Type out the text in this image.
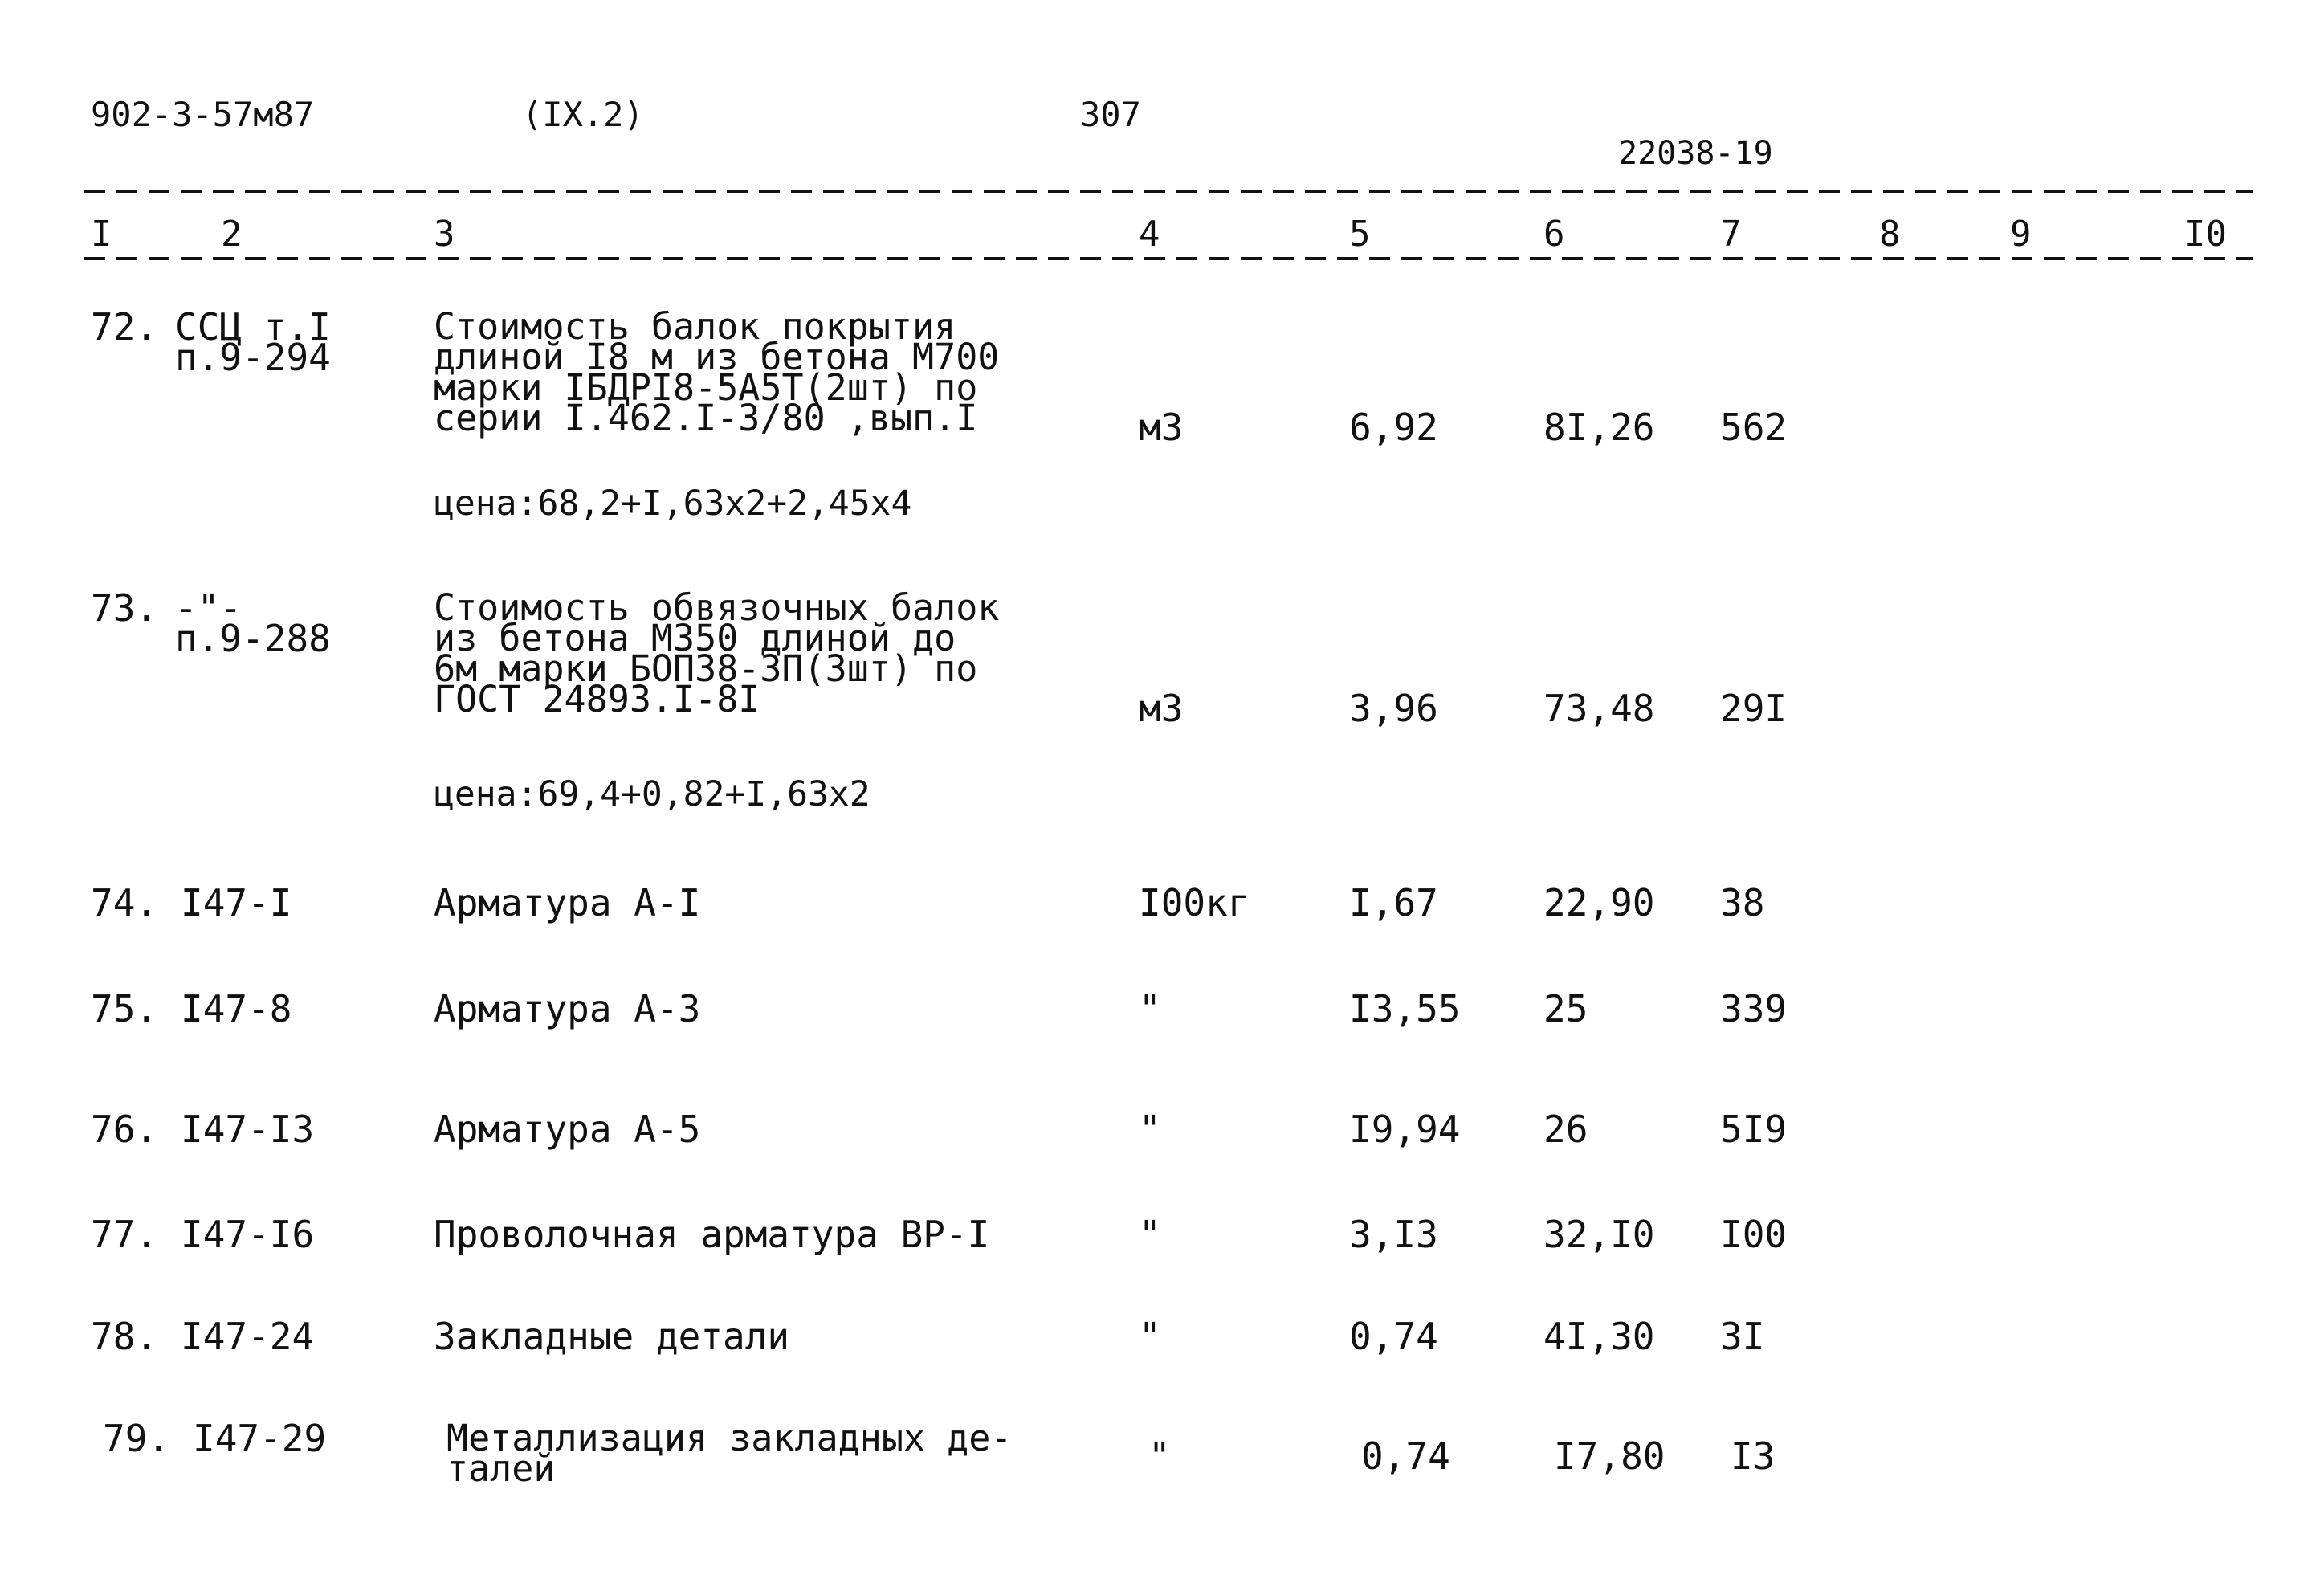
902-3-57м87	(IX.2)	307
22038-19
I	2	3	4	5	6	7	8	9	I0
72. ССЦ т.I
п.9-294
Стоимость балок покрытия
длиной I8 м из бетона М700
марки IБДРI8-5А5Т(2шт) по
серии I.462.I-3/80 ,вып.I	м3	6,92	8I,26 562
цена:68,2+I,63x2+2,45x4
73. -"-
п.9-288
Стоимость обвязочных балок
из бетона М350 длиной до
6м марки БОП38-3П(3шт) по
ГОСТ 24893.I-8I	м3	3,96	73,48 29I
цена:69,4+0,82+I,63x2
74. I47-I	Арматура А-I	I00кг	I,67	22,90 38
75. I47-8	Арматура А-3	"	I3,55 25	339
76. I47-I3	Арматура А-5	"	I9,94 26	5I9
77. I47-I6	Проволочная арматура ВР-I	"	3,I3	32,I0 I00
78. I47-24	Закладные детали	"	0,74	4I,30 3I
79. I47-29	Металлизация закладных де-
талей	"	0,74	I7,80 I3
